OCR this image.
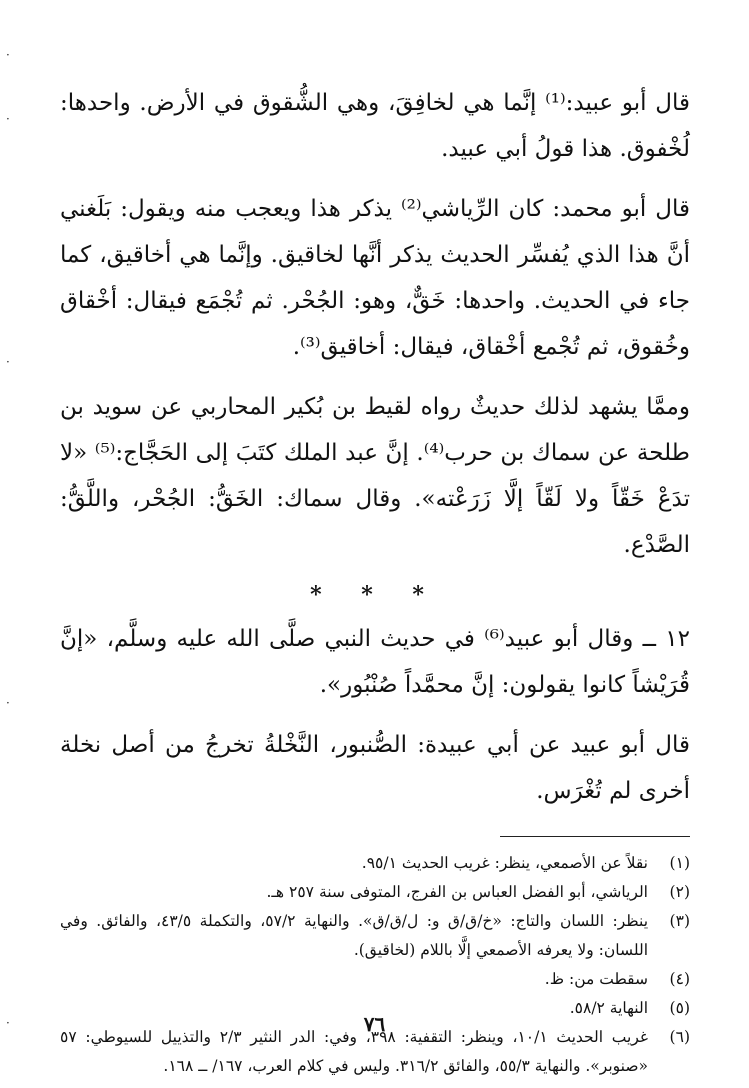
·
·
·
·
·

قال أبو عبيد:⁽¹⁾ إنَّما هي لخافِقَ، وهي الشُّقوق في الأرض. واحدها: لُخْفوق. هذا قولُ أبي عبيد.

قال أبو محمد: كان الرِّياشي⁽²⁾ يذكر هذا ويعجب منه ويقول: بَلَغني أنَّ هذا الذي يُفسِّر الحديث يذكر أنَّها لخاقيق. وإنَّما هي أخاقيق، كما جاء في الحديث. واحدها: خَقٌّ، وهو: الجُحْر. ثم تُجْمَع فيقال: أخْقاق وخُقوق، ثم تُجْمع أخْقاق، فيقال: أخاقيق⁽³⁾.

وممَّا يشهد لذلك حديثٌ رواه لقيط بن بُكير المحاربي عن سويد بن طلحة عن سماك بن حرب⁽⁴⁾. إنَّ عبد الملك كتَبَ إلى الحَجَّاج:⁽⁵⁾ «لا تدَعْ خَقّاً ولا لَقّاً إلَّا زَرَعْته». وقال سماك: الخَقُّ: الجُحْر، واللَّقُّ: الصَّدْع.

* * *

١٢ ــ وقال أبو عبيد⁽⁶⁾ في حديث النبي صلَّى الله عليه وسلَّم، «إنَّ قُرَيْشاً كانوا يقولون: إنَّ محمَّداً صُنْبُور».

قال أبو عبيد عن أبي عبيدة: الصُّنبور، النَّخْلةُ تخرجُ من أصل نخلة أخرى لم تُغْرَس.

(١)
نقلاً عن الأصمعي، ينظر: غريب الحديث ٩٥/١.
(٢)
الرياشي، أبو الفضل العباس بن الفرج، المتوفى سنة ٢٥٧ هـ.
(٣)
ينظر: اللسان والتاج: «خ/ق/ق و: ل/ق/ق». والنهاية ٥٧/٢، والتكملة ٤٣/٥، والفائق. وفي اللسان: ولا يعرفه الأصمعي إلَّا باللام (لخاقيق).
(٤)
سقطت من: ظ.
(٥)
النهاية ٥٨/٢.
(٦)
غريب الحديث ١٠/١، وينظر: التقفية: ٣٩٨، وفي: الدر النثير ٢/٣ والتذييل للسيوطي: ٥٧ «صنوبر». والنهاية ٥٥/٣، والفائق ٣١٦/٢. وليس في كلام العرب، ١٦٧/ ــ ١٦٨.
٧٦
